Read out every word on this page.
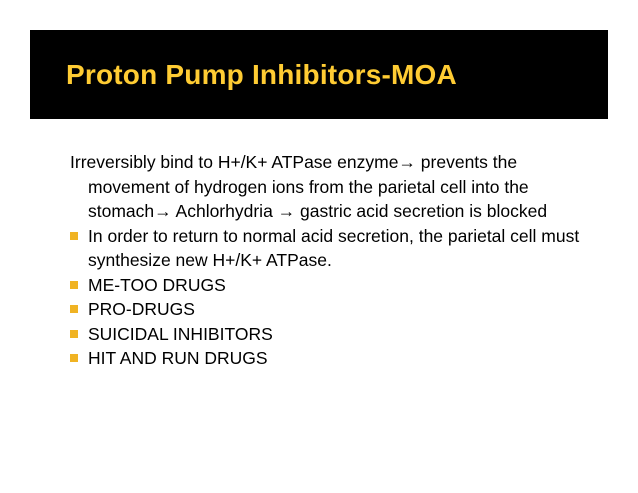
Proton Pump Inhibitors-MOA
Irreversibly bind to H+/K+ ATPase enzyme→ prevents the movement of hydrogen ions from the parietal cell into the stomach→ Achlorhydria → gastric acid secretion is blocked
In order to return to normal acid secretion, the parietal cell must synthesize new H+/K+ ATPase.
ME-TOO DRUGS
PRO-DRUGS
SUICIDAL INHIBITORS
HIT AND RUN DRUGS
